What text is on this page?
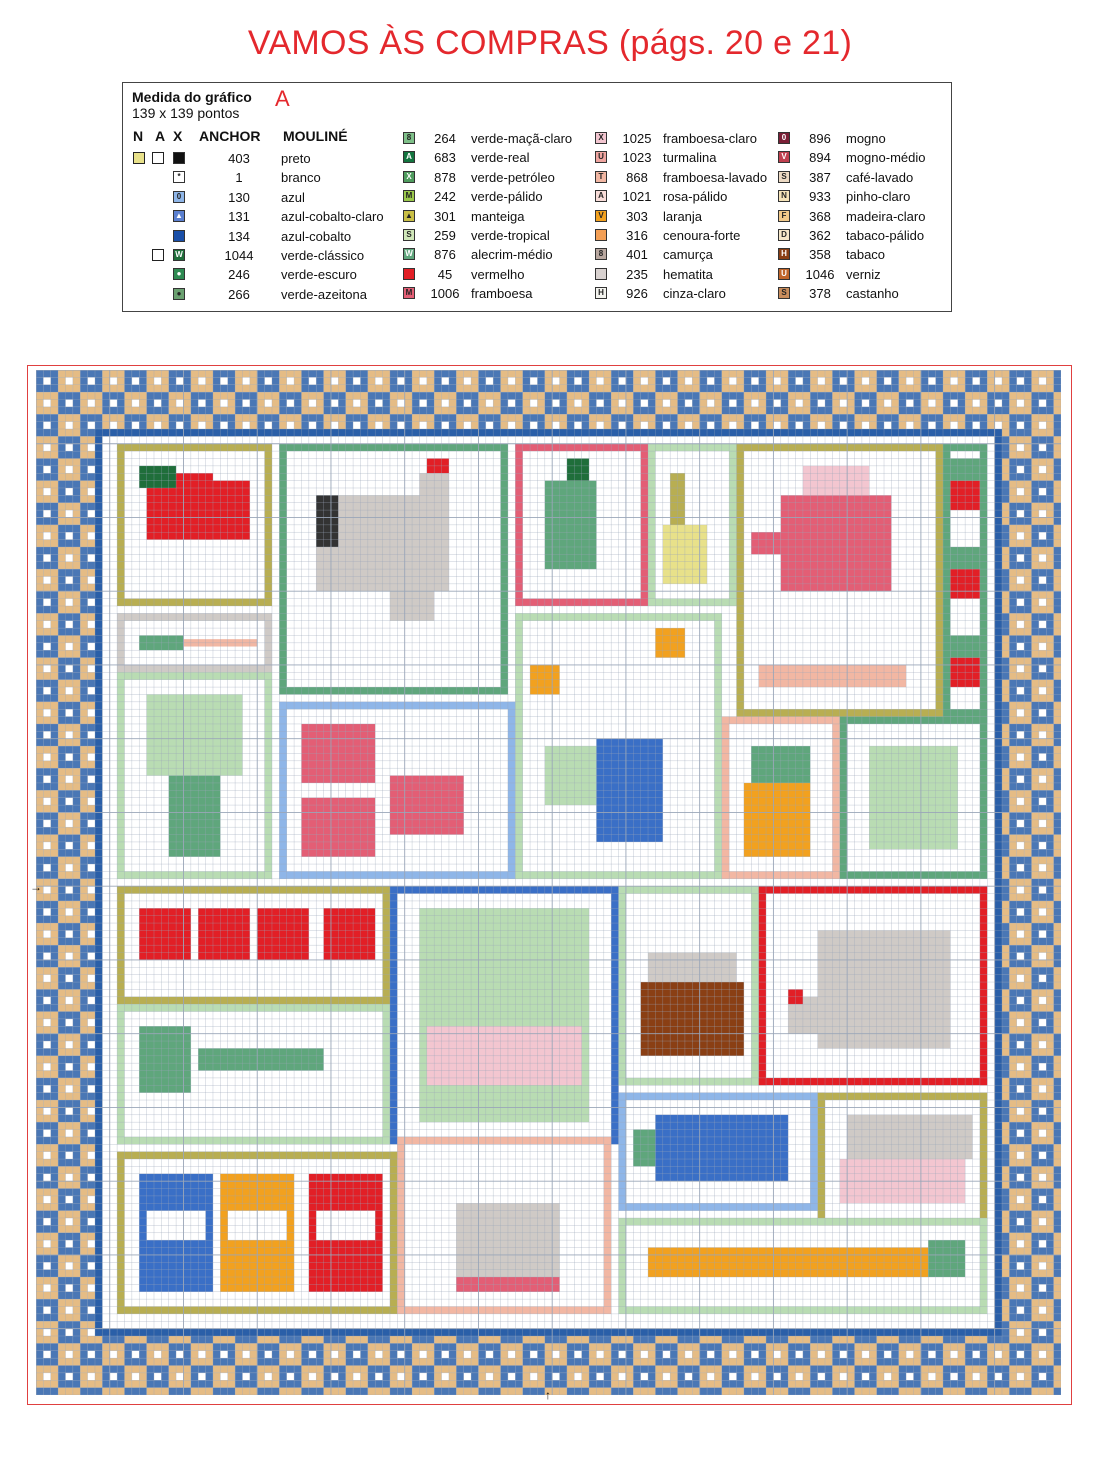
VAMOS ÀS COMPRAS (págs. 20 e 21)
Medida do gráfico
139 x 139 pontos
A
N A X ANCHOR MOULINÉ
403	preto
*	1	branco
0	130	azul
▲	131	azul-cobalto-claro
134	azul-cobalto
W	1044	verde-clássico
●	246	verde-escuro
●	266	verde-azeitona
8	264	verde-maçã-claro
A	683	verde-real
X	878	verde-petróleo
M	242	verde-pálido
▲	301	manteiga
S	259	verde-tropical
W	876	alecrim-médio
45	vermelho
M	1006 framboesa
X	1025 framboesa-claro
U	1023 turmalina
T	868	framboesa-lavado
A	1021 rosa-pálido
V	303	laranja
316	cenoura-forte
8	401	camurça
235	hematita
H	926	cinza-claro
0	896	mogno
V	894	mogno-médio
S	387	café-lavado
N	933	pinho-claro
F	368	madeira-claro
D	362	tabaco-pálido
H	358	tabaco
U	1046 verniz
S	378	castanho
→
↑
